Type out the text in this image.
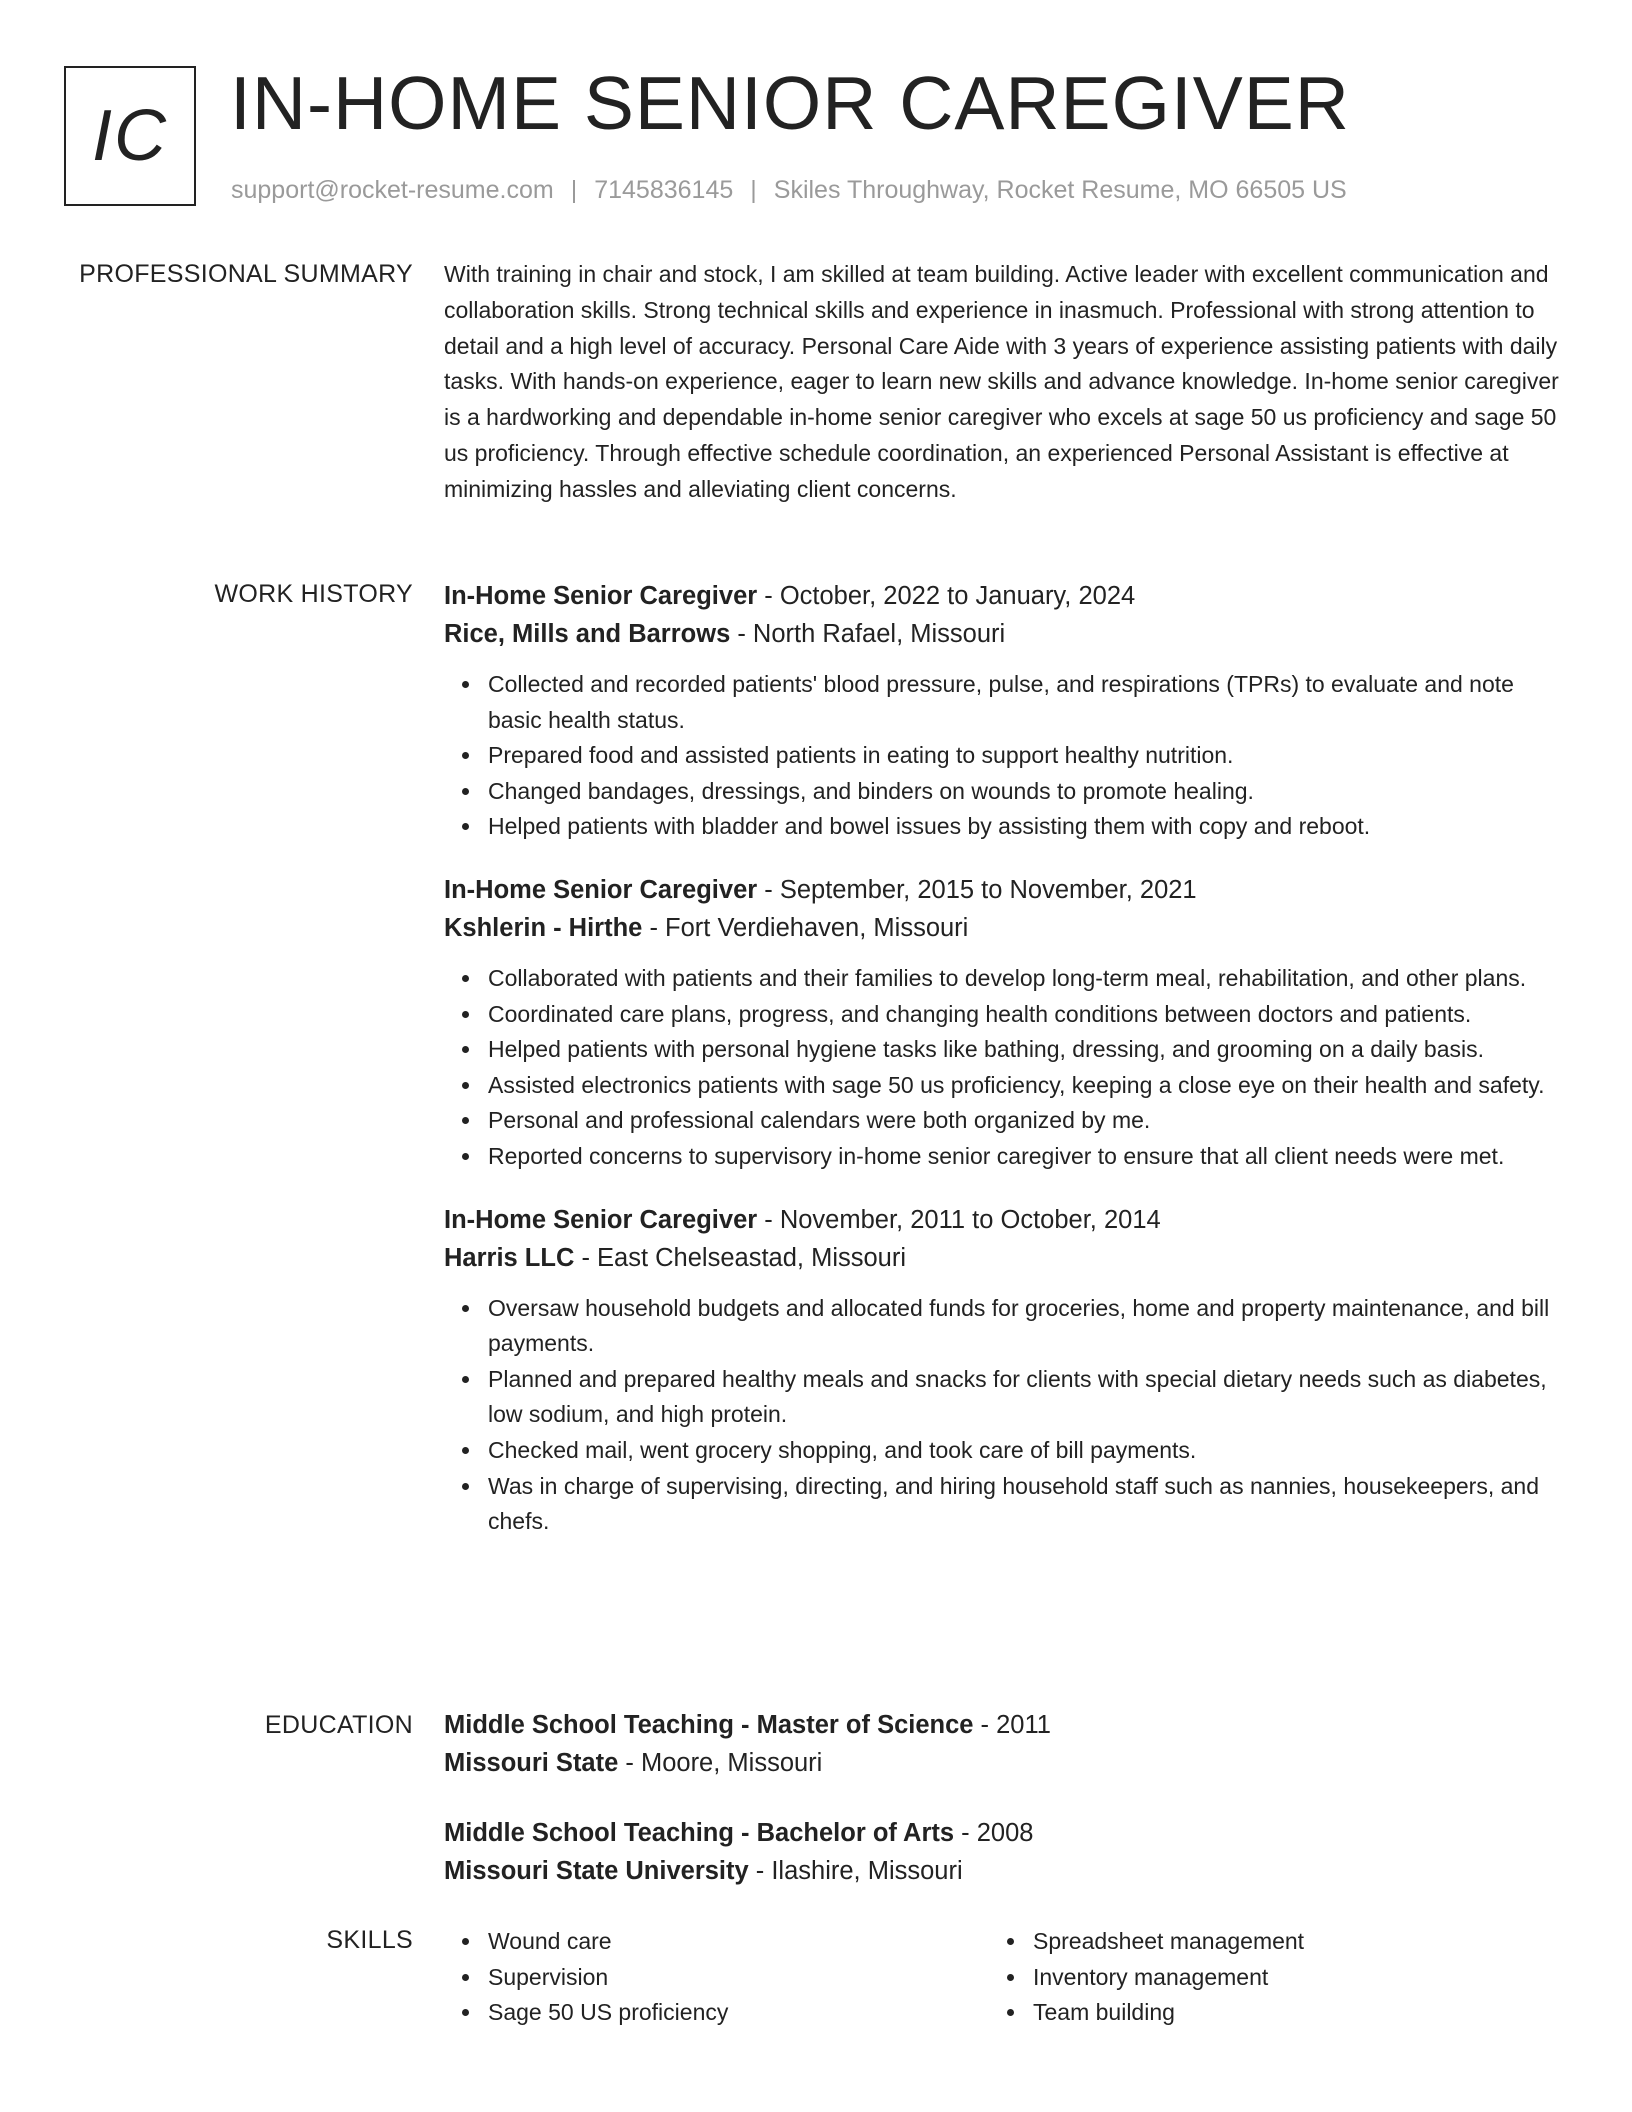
IC IN-HOME SENIOR CAREGIVER
support@rocket-resume.com | 7145836145 | Skiles Throughway, Rocket Resume, MO 66505 US
PROFESSIONAL SUMMARY With training in chair and stock, I am skilled at team building. Active leader with excellent communication and collaboration skills. Strong technical skills and experience in inasmuch. Professional with strong attention to detail and a high level of accuracy. Personal Care Aide with 3 years of experience assisting patients with daily tasks. With hands-on experience, eager to learn new skills and advance knowledge. In-home senior caregiver is a hardworking and dependable in-home senior caregiver who excels at sage 50 us proficiency and sage 50 us proficiency. Through effective schedule coordination, an experienced Personal Assistant is effective at minimizing hassles and alleviating client concerns.

WORK HISTORY In-Home Senior Caregiver - October, 2022 to January, 2024
Rice, Mills and Barrows - North Rafael, Missouri
Collected and recorded patients' blood pressure, pulse, and respirations (TPRs) to evaluate and note basic health status.
Prepared food and assisted patients in eating to support healthy nutrition.
Changed bandages, dressings, and binders on wounds to promote healing.
Helped patients with bladder and bowel issues by assisting them with copy and reboot.
In-Home Senior Caregiver - September, 2015 to November, 2021
Kshlerin - Hirthe - Fort Verdiehaven, Missouri
Collaborated with patients and their families to develop long-term meal, rehabilitation, and other plans.
Coordinated care plans, progress, and changing health conditions between doctors and patients.
Helped patients with personal hygiene tasks like bathing, dressing, and grooming on a daily basis.
Assisted electronics patients with sage 50 us proficiency, keeping a close eye on their health and safety.
Personal and professional calendars were both organized by me.
Reported concerns to supervisory in-home senior caregiver to ensure that all client needs were met.
In-Home Senior Caregiver - November, 2011 to October, 2014
Harris LLC - East Chelseastad, Missouri
Oversaw household budgets and allocated funds for groceries, home and property maintenance, and bill payments.
Planned and prepared healthy meals and snacks for clients with special dietary needs such as diabetes, low sodium, and high protein.
Checked mail, went grocery shopping, and took care of bill payments.
Was in charge of supervising, directing, and hiring household staff such as nannies, housekeepers, and chefs.
EDUCATION Middle School Teaching - Master of Science - 2011
Missouri State - Moore, Missouri
Middle School Teaching - Bachelor of Arts - 2008
Missouri State University - Ilashire, Missouri
SKILLS	Wound care
Supervision
Sage 50 US proficiency
Spreadsheet management
Inventory management
Team building
